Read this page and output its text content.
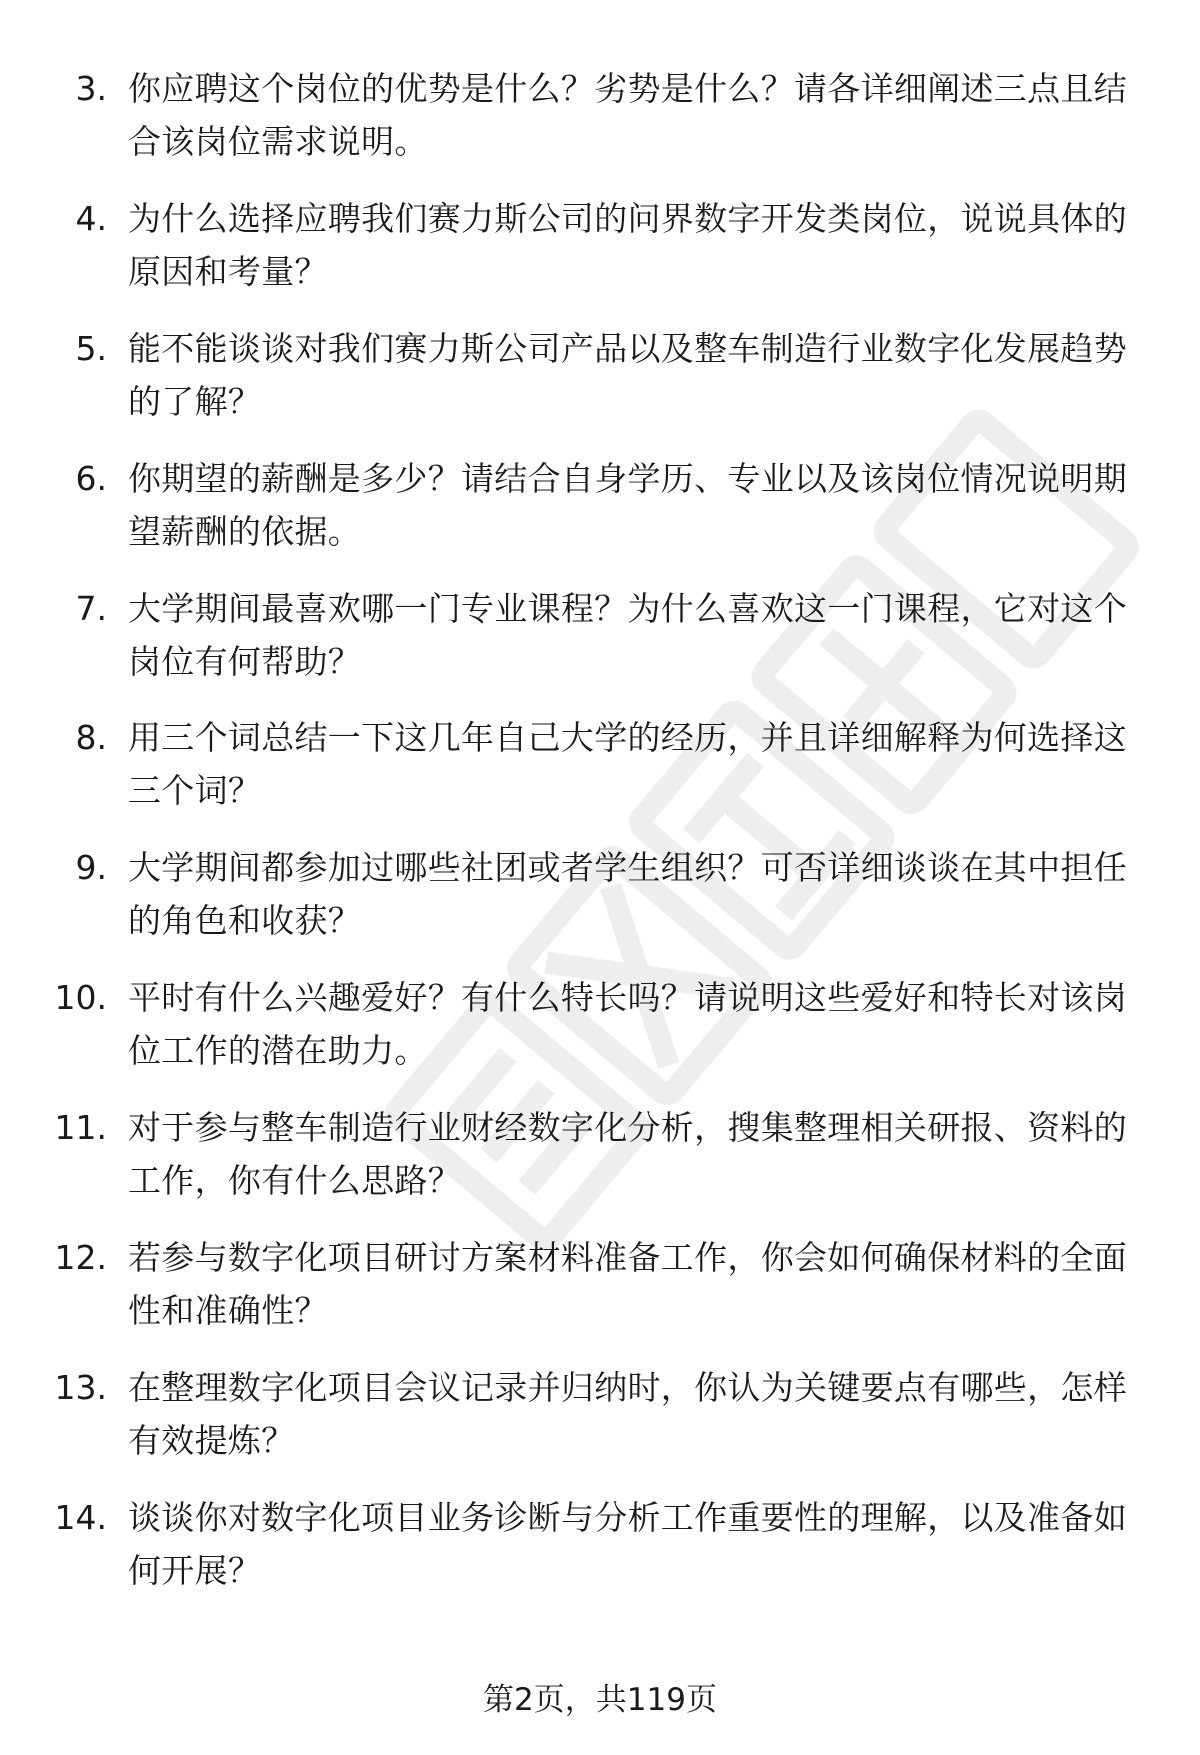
3. 你应聘这个岗位的优势是什么？劣势是什么？请各详细阐述三点且结合该岗位需求说明。
4. 为什么选择应聘我们赛力斯公司的问界数字开发类岗位，说说具体的原因和考量？
5. 能不能谈谈对我们赛力斯公司产品以及整车制造行业数字化发展趋势的了解？
6. 你期望的薪酬是多少？请结合自身学历、专业以及该岗位情况说明期望薪酬的依据。
7. 大学期间最喜欢哪一门专业课程？为什么喜欢这一门课程，它对这个岗位有何帮助？
8. 用三个词总结一下这几年自己大学的经历，并且详细解释为何选择这三个词？
9. 大学期间都参加过哪些社团或者学生组织？可否详细谈谈在其中担任的角色和收获？
10. 平时有什么兴趣爱好？有什么特长吗？请说明这些爱好和特长对该岗位工作的潜在助力。
11. 对于参与整车制造行业财经数字化分析，搜集整理相关研报、资料的工作，你有什么思路？
12. 若参与数字化项目研讨方案材料准备工作，你会如何确保材料的全面性和准确性？
13. 在整理数字化项目会议记录并归纳时，你认为关键要点有哪些，怎样有效提炼？
14. 谈谈你对数字化项目业务诊断与分析工作重要性的理解，以及准备如何开展？
第2页，共119页
